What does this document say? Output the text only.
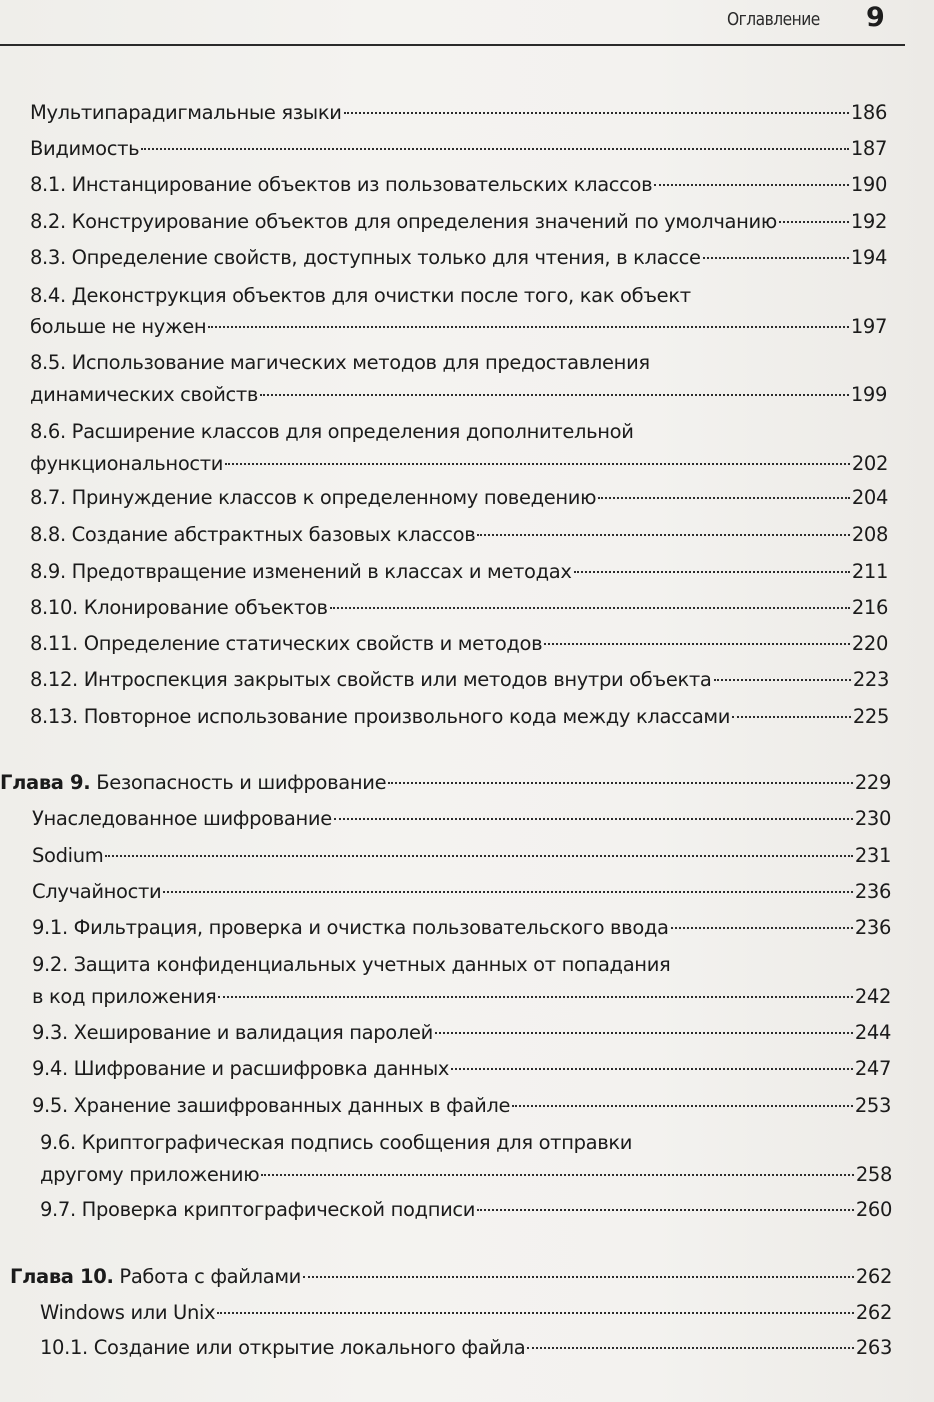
Оглавление 9
Мультипарадигмальные языки	186
Видимость	187
8.1. Инстанцирование объектов из пользовательских классов	190
8.2. Конструирование объектов для определения значений по умолчанию	192
8.3. Определение свойств, доступных только для чтения, в классе	194
8.4. Деконструкция объектов для очистки после того, как объект
больше не нужен	197
8.5. Использование магических методов для предоставления
динамических свойств	199
8.6. Расширение классов для определения дополнительной
функциональности	202
8.7. Принуждение классов к определенному поведению	204
8.8. Создание абстрактных базовых классов	208
8.9. Предотвращение изменений в классах и методах	211
8.10. Клонирование объектов	216
8.11. Определение статических свойств и методов	220
8.12. Интроспекция закрытых свойств или методов внутри объекта	223
8.13. Повторное использование произвольного кода между классами	225
Глава 9. Безопасность и шифрование	229
Унаследованное шифрование	230
Sodium	231
Случайности	236
9.1. Фильтрация, проверка и очистка пользовательского ввода	236
9.2. Защита конфиденциальных учетных данных от попадания
в код приложения	242
9.3. Хеширование и валидация паролей	244
9.4. Шифрование и расшифровка данных	247
9.5. Хранение зашифрованных данных в файле	253
9.6. Криптографическая подпись сообщения для отправки
другому приложению	258
9.7. Проверка криптографической подписи	260
Глава 10. Работа с файлами	262
Windows или Unix	262
10.1. Создание или открытие локального файла	263
